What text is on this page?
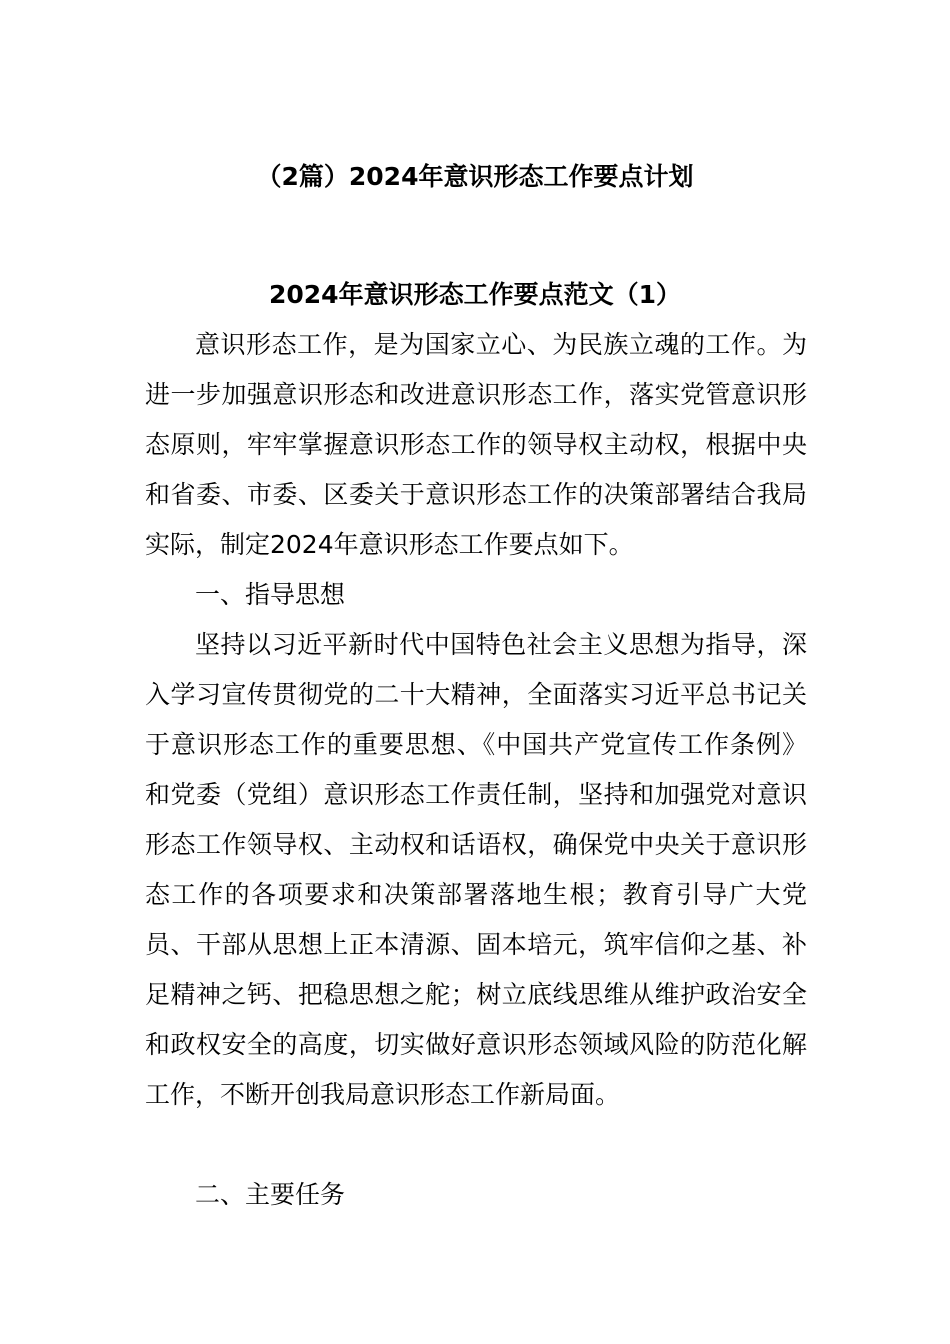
（2篇）2024年意识形态工作要点计划
2024年意识形态工作要点范文（1）

意识形态工作，是为国家立心、为民族立魂的工作。为进一步加强意识形态和改进意识形态工作，落实党管意识形态原则，牢牢掌握意识形态工作的领导权主动权，根据中央和省委、市委、区委关于意识形态工作的决策部署结合我局实际，制定2024年意识形态工作要点如下。

一、指导思想

坚持以习近平新时代中国特色社会主义思想为指导，深入学习宣传贯彻党的二十大精神，全面落实习近平总书记关于意识形态工作的重要思想、《中国共产党宣传工作条例》和党委（党组）意识形态工作责任制，坚持和加强党对意识形态工作领导权、主动权和话语权，确保党中央关于意识形态工作的各项要求和决策部署落地生根；教育引导广大党员、干部从思想上正本清源、固本培元，筑牢信仰之基、补足精神之钙、把稳思想之舵；树立底线思维从维护政治安全和政权安全的高度，切实做好意识形态领域风险的防范化解工作，不断开创我局意识形态工作新局面。

二、主要任务
